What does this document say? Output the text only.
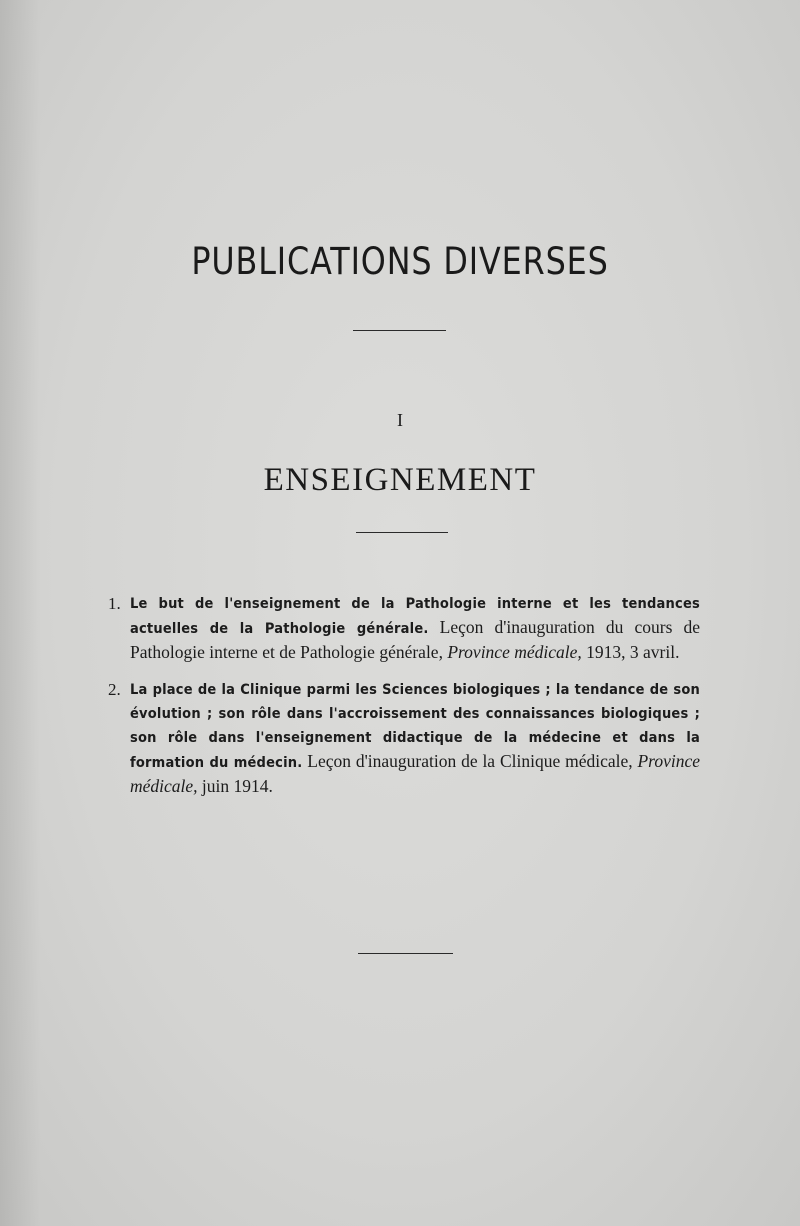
PUBLICATIONS DIVERSES
I
ENSEIGNEMENT
1. Le but de l'enseignement de la Pathologie interne et les tendances actuelles de la Pathologie générale. Leçon d'inauguration du cours de Pathologie interne et de Pathologie générale, Province médicale, 1913, 3 avril.
2. La place de la Clinique parmi les Sciences biologiques ; la tendance de son évolution ; son rôle dans l'accroissement des connaissances biologiques ; son rôle dans l'enseignement didactique de la médecine et dans la formation du médecin. Leçon d'inauguration de la Clinique médicale, Province médicale, juin 1914.
